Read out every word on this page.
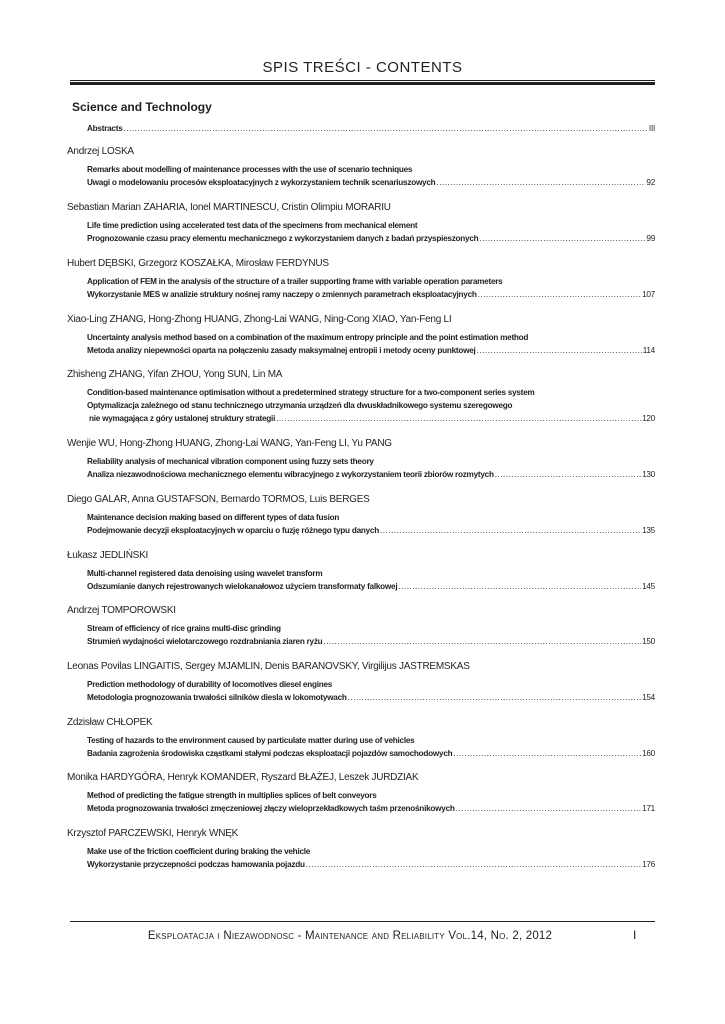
SPIS TREŚCI - CONTENTS
Science and Technology
Abstracts .....	III
Andrzej LOSKA
Remarks about modelling of maintenance processes with the use of scenario techniques
Uwagi o modelowaniu procesów eksploatacyjnych z wykorzystaniem technik scenariuszowych .....	92
Sebastian Marian ZAHARIA, Ionel MARTINESCU, Cristin Olimpiu MORARIU
Life time prediction using accelerated test data of the specimens from mechanical element
Prognozowanie czasu pracy elementu mechanicznego z wykorzystaniem danych z badań przyspieszonych .....	99
Hubert DĘBSKI, Grzegorz KOSZAŁKA, Mirosław FERDYNUS
Application of FEM in the analysis of the structure of a trailer supporting frame with variable operation parameters
Wykorzystanie MES w analizie struktury nośnej ramy naczepy o zmiennych parametrach eksploatacyjnych .....	107
Xiao-Ling ZHANG, Hong-Zhong HUANG, Zhong-Lai WANG, Ning-Cong XIAO, Yan-Feng LI
Uncertainty analysis method based on a combination of the maximum entropy principle and the point estimation method
Metoda analizy niepewności oparta na połączeniu zasady maksymalnej entropii i metody oceny punktowej .....	114
Zhisheng ZHANG, Yifan ZHOU, Yong SUN, Lin MA
Condition-based maintenance optimisation without a predetermined strategy structure for a two-component series system
Optymalizacja zależnego od stanu technicznego utrzymania urządzeń dla dwuskładnikowego systemu szeregowego
nie wymagająca z góry ustalonej struktury strategii .....	120
Wenjie WU, Hong-Zhong HUANG, Zhong-Lai WANG, Yan-Feng LI, Yu PANG
Reliability analysis of mechanical vibration component using fuzzy sets theory
Analiza niezawodnościowa mechanicznego elementu wibracyjnego z wykorzystaniem teorii zbiorów rozmytych .....	130
Diego GALAR, Anna GUSTAFSON, Bernardo TORMOS, Luis BERGES
Maintenance decision making based on different types of data fusion
Podejmowanie decyzji eksploatacyjnych w oparciu o fuzję różnego typu danych .....	135
Łukasz JEDLIŃSKI
Multi-channel registered data denoising using wavelet transform
Odszumianie danych rejestrowanych wielokanałowoz użyciem transformaty falkowej .....	145
Andrzej TOMPOROWSKI
Stream of efficiency of rice grains multi-disc grinding
Strumień wydajności wielotarczowego rozdrabniania ziaren ryżu .....	150
Leonas Povilas LINGAITIS, Sergey MJAMLIN, Denis BARANOVSKY, Virgilijus JASTREMSKAS
Prediction methodology of durability of locomotives diesel engines
Metodologia prognozowania trwałości silników diesla w lokomotywach .....	154
Zdzisław CHŁOPEK
Testing of hazards to the environment caused by particulate matter during use of vehicles
Badania zagrożenia środowiska cząstkami stałymi podczas eksploatacji pojazdów samochodowych .....	160
Monika HARDYGÓRA, Henryk KOMANDER, Ryszard BŁAŻEJ, Leszek JURDZIAK
Method of predicting the fatigue strength in multiplies splices of belt conveyors
Metoda prognozowania trwałości zmęczeniowej złączy wieloprzekładkowych taśm przenośnikowych .....	171
Krzysztof PARCZEWSKI, Henryk WNĘK
Make use of the friction coefficient during braking the vehicle
Wykorzystanie przyczepności podczas hamowania pojazdu .....	176
Eksploatacja i Niezawodnosc - Maintenance and Reliability Vol.14, No. 2, 2012	I
